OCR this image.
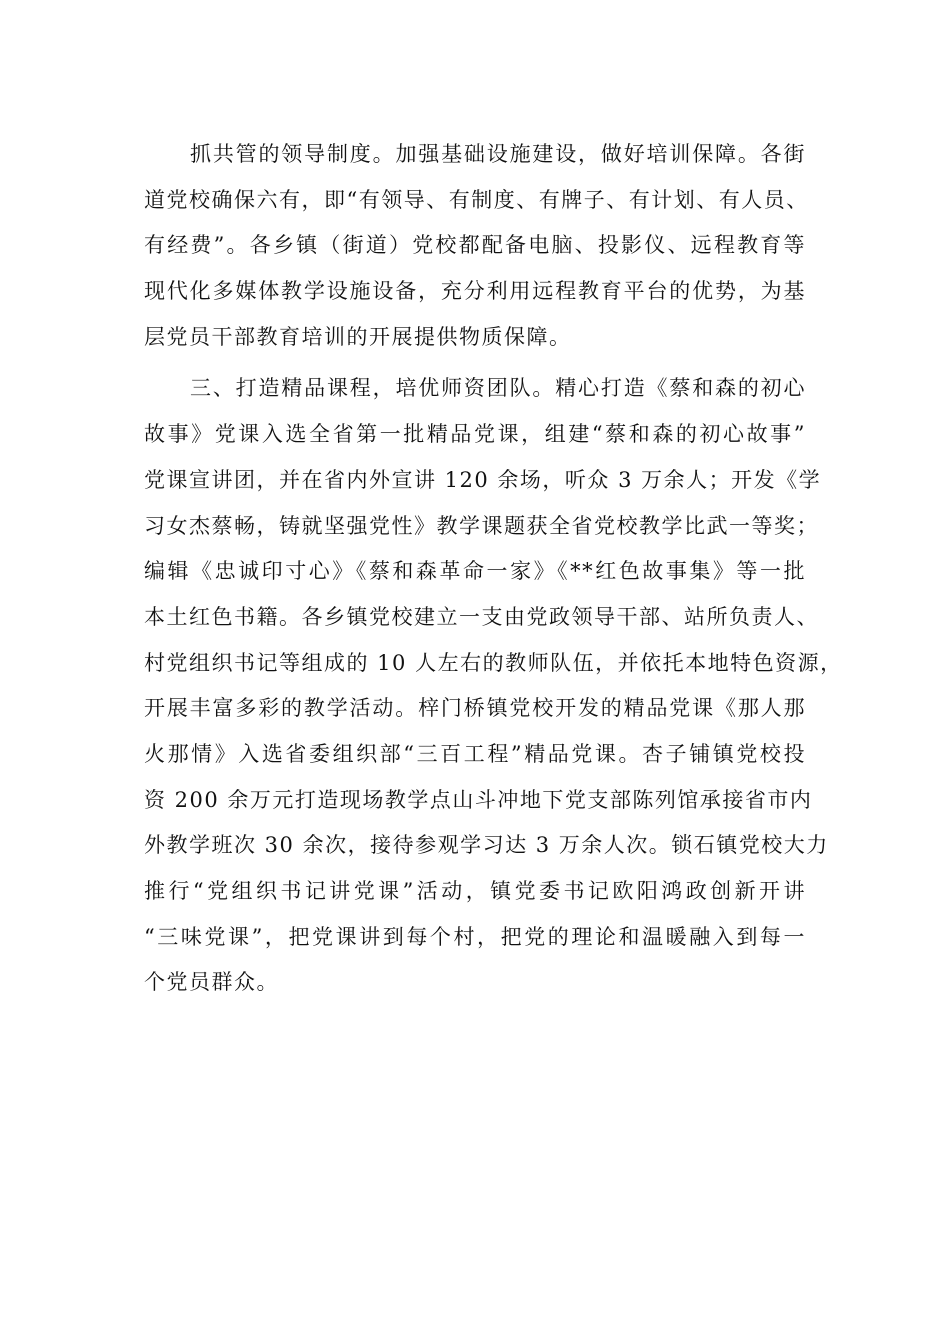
抓共管的领导制度。加强基础设施建设，做好培训保障。各街
道党校确保六有，即“有领导、有制度、有牌子、有计划、有人员、
有经费”。各乡镇（街道）党校都配备电脑、投影仪、远程教育等
现代化多媒体教学设施设备，充分利用远程教育平台的优势，为基
层党员干部教育培训的开展提供物质保障。
三、打造精品课程，培优师资团队。精心打造《蔡和森的初心
故事》党课入选全省第一批精品党课，组建“蔡和森的初心故事”
党课宣讲团，并在省内外宣讲 120 余场，听众 3 万余人；开发《学
习女杰蔡畅，铸就坚强党性》教学课题获全省党校教学比武一等奖；
编辑《忠诚印寸心》《蔡和森革命一家》《**红色故事集》等一批
本土红色书籍。各乡镇党校建立一支由党政领导干部、站所负责人、
村党组织书记等组成的 10 人左右的教师队伍，并依托本地特色资源，
开展丰富多彩的教学活动。梓门桥镇党校开发的精品党课《那人那
火那情》入选省委组织部“三百工程”精品党课。杏子铺镇党校投
资 200 余万元打造现场教学点山斗冲地下党支部陈列馆承接省市内
外教学班次 30 余次，接待参观学习达 3 万余人次。锁石镇党校大力
推行“党组织书记讲党课”活动，镇党委书记欧阳鸿政创新开讲
“三味党课”，把党课讲到每个村，把党的理论和温暖融入到每一
个党员群众。
